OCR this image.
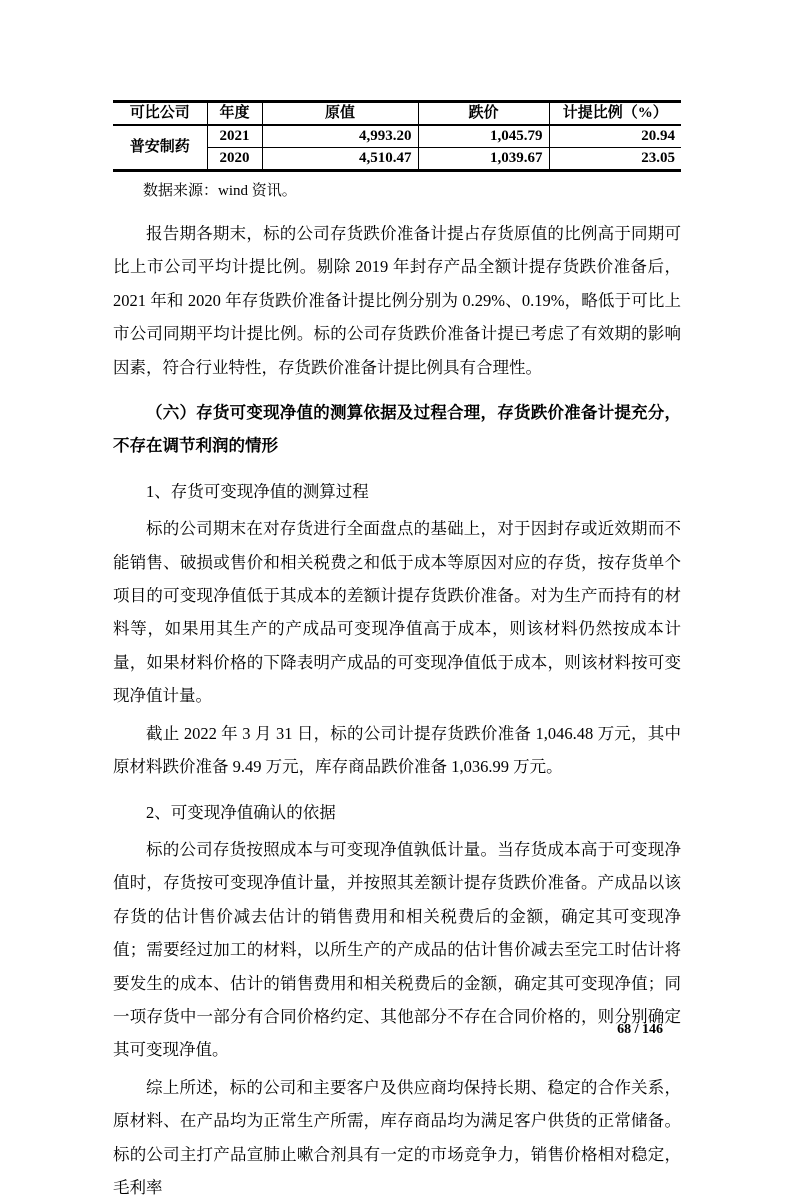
可比公司	年度	原值	跌价	计提比例（%）
普安制药	2021	4,993.20	1,045.79	20.94
	2020	4,510.47	1,039.67	23.05
数据来源：wind 资讯。
报告期各期末，标的公司存货跌价准备计提占存货原值的比例高于同期可比上市公司平均计提比例。剔除 2019 年封存产品全额计提存货跌价准备后，2021 年和 2020 年存货跌价准备计提比例分别为 0.29%、0.19%，略低于可比上市公司同期平均计提比例。标的公司存货跌价准备计提已考虑了有效期的影响因素，符合行业特性，存货跌价准备计提比例具有合理性。
（六）存货可变现净值的测算依据及过程合理，存货跌价准备计提充分，不存在调节利润的情形
1、存货可变现净值的测算过程
标的公司期末在对存货进行全面盘点的基础上，对于因封存或近效期而不能销售、破损或售价和相关税费之和低于成本等原因对应的存货，按存货单个项目的可变现净值低于其成本的差额计提存货跌价准备。对为生产而持有的材料等，如果用其生产的产成品可变现净值高于成本，则该材料仍然按成本计量，如果材料价格的下降表明产成品的可变现净值低于成本，则该材料按可变现净值计量。
截止 2022 年 3 月 31 日，标的公司计提存货跌价准备 1,046.48 万元，其中原材料跌价准备 9.49 万元，库存商品跌价准备 1,036.99 万元。
2、可变现净值确认的依据
标的公司存货按照成本与可变现净值孰低计量。当存货成本高于可变现净值时，存货按可变现净值计量，并按照其差额计提存货跌价准备。产成品以该存货的估计售价减去估计的销售费用和相关税费后的金额，确定其可变现净值；需要经过加工的材料，以所生产的产成品的估计售价减去至完工时估计将要发生的成本、估计的销售费用和相关税费后的金额，确定其可变现净值；同一项存货中一部分有合同价格约定、其他部分不存在合同价格的，则分别确定其可变现净值。
综上所述，标的公司和主要客户及供应商均保持长期、稳定的合作关系，原材料、在产品均为正常生产所需，库存商品均为满足客户供货的正常储备。标的公司主打产品宣肺止嗽合剂具有一定的市场竞争力，销售价格相对稳定，毛利率
68 / 146
